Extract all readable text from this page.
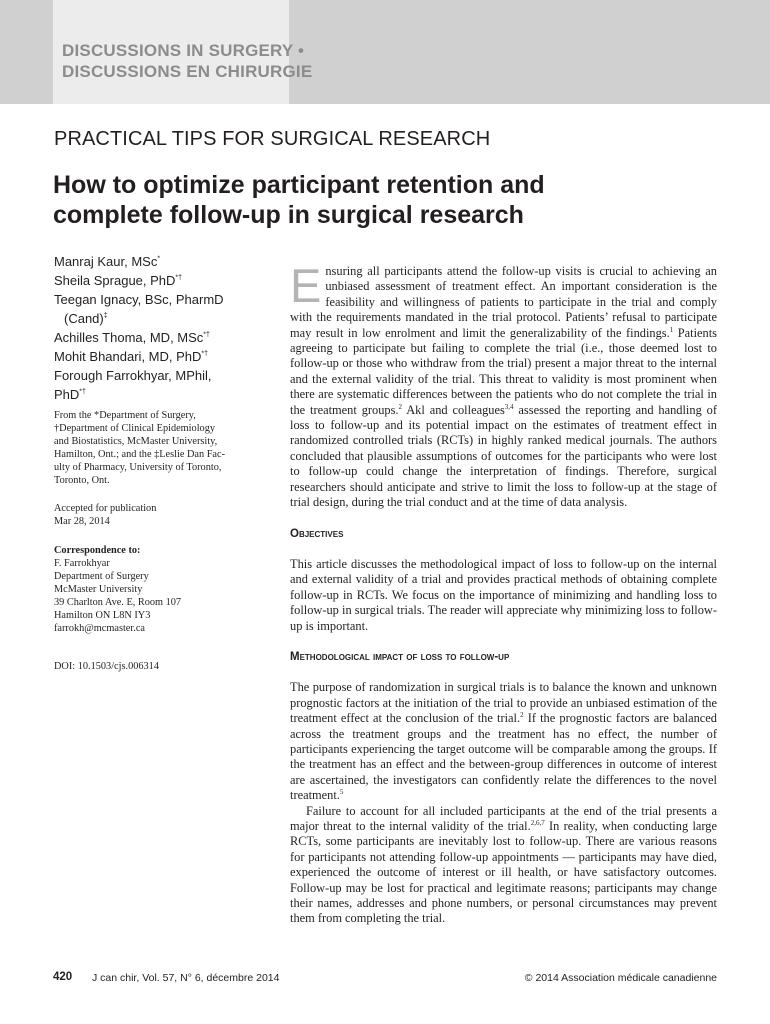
DISCUSSIONS IN SURGERY •
DISCUSSIONS EN CHIRURGIE
PRACTICAL TIPS FOR SURGICAL RESEARCH
How to optimize participant retention and
complete follow-up in surgical research
Manraj Kaur, MSc*
Sheila Sprague, PhD*†
Teegan Ignacy, BSc, PharmD
(Cand)‡
Achilles Thoma, MD, MSc*†
Mohit Bhandari, MD, PhD*†
Forough Farrokhyar, MPhil,
PhD*†
From the *Department of Surgery,
†Department of Clinical Epidemiology
and Biostatistics, McMaster University,
Hamilton, Ont.; and the ‡Leslie Dan Fac-
ulty of Pharmacy, University of Toronto,
Toronto, Ont.
Accepted for publication
Mar 28, 2014
Correspondence to:
F. Farrokhyar
Department of Surgery
McMaster University
39 Charlton Ave. E, Room 107
Hamilton ON L8N IY3
farrokh@mcmaster.ca
DOI: 10.1503/cjs.006314

Ensuring all participants attend the follow-up visits is crucial to achieving an unbiased assessment of treatment effect. An important consideration is the feasibility and willingness of patients to participate in the trial and comply with the requirements mandated in the trial protocol. Patients’ refusal to participate may result in low enrolment and limit the generalizability of the findings.$^1$ Patients agreeing to participate but failing to complete the trial (i.e., those deemed lost to follow-up or those who withdraw from the trial) present a major threat to the internal and the external validity of the trial. This threat to validity is most prominent when there are systematic differences between the patients who do not complete the trial in the treatment groups.$^2$ Akl and colleagues$^{3,4}$ assessed the reporting and handling of loss to follow-up and its potential impact on the estimates of treatment effect in randomized controlled trials (RCTs) in highly ranked medical journals. The authors concluded that plausible assumptions of outcomes for the participants who were lost to follow-up could change the interpretation of findings. Therefore, surgical researchers should anticipate and strive to limit the loss to follow-up at the stage of trial design, during the trial conduct and at the time of data analysis.

Objectives

This article discusses the methodological impact of loss to follow-up on the internal and external validity of a trial and provides practical methods of obtaining complete follow-up in RCTs. We focus on the importance of minimizing and handling loss to follow-up in surgical trials. The reader will appreciate why minimizing loss to follow-up is important.

Methodological impact of loss to follow-up

The purpose of randomization in surgical trials is to balance the known and unknown prognostic factors at the initiation of the trial to provide an unbiased estimation of the treatment effect at the conclusion of the trial.$^2$ If the prognostic factors are balanced across the treatment groups and the treatment has no effect, the number of participants experiencing the target outcome will be comparable among the groups. If the treatment has an effect and the between-group differences in outcome of interest are ascertained, the investigators can confidently relate the differences to the novel treatment.$^5$

Failure to account for all included participants at the end of the trial presents a major threat to the internal validity of the trial.$^{2,6,7}$ In reality, when conducting large RCTs, some participants are inevitably lost to follow-up. There are various reasons for participants not attending follow-up appointments — participants may have died, experienced the outcome of interest or ill health, or have satisfactory outcomes. Follow-up may be lost for practical and legitimate reasons; participants may change their names, addresses and phone numbers, or personal circumstances may prevent them from completing the trial.

420 J can chir, Vol. 57, N° 6, décembre 2014	© 2014 Association médicale canadienne
